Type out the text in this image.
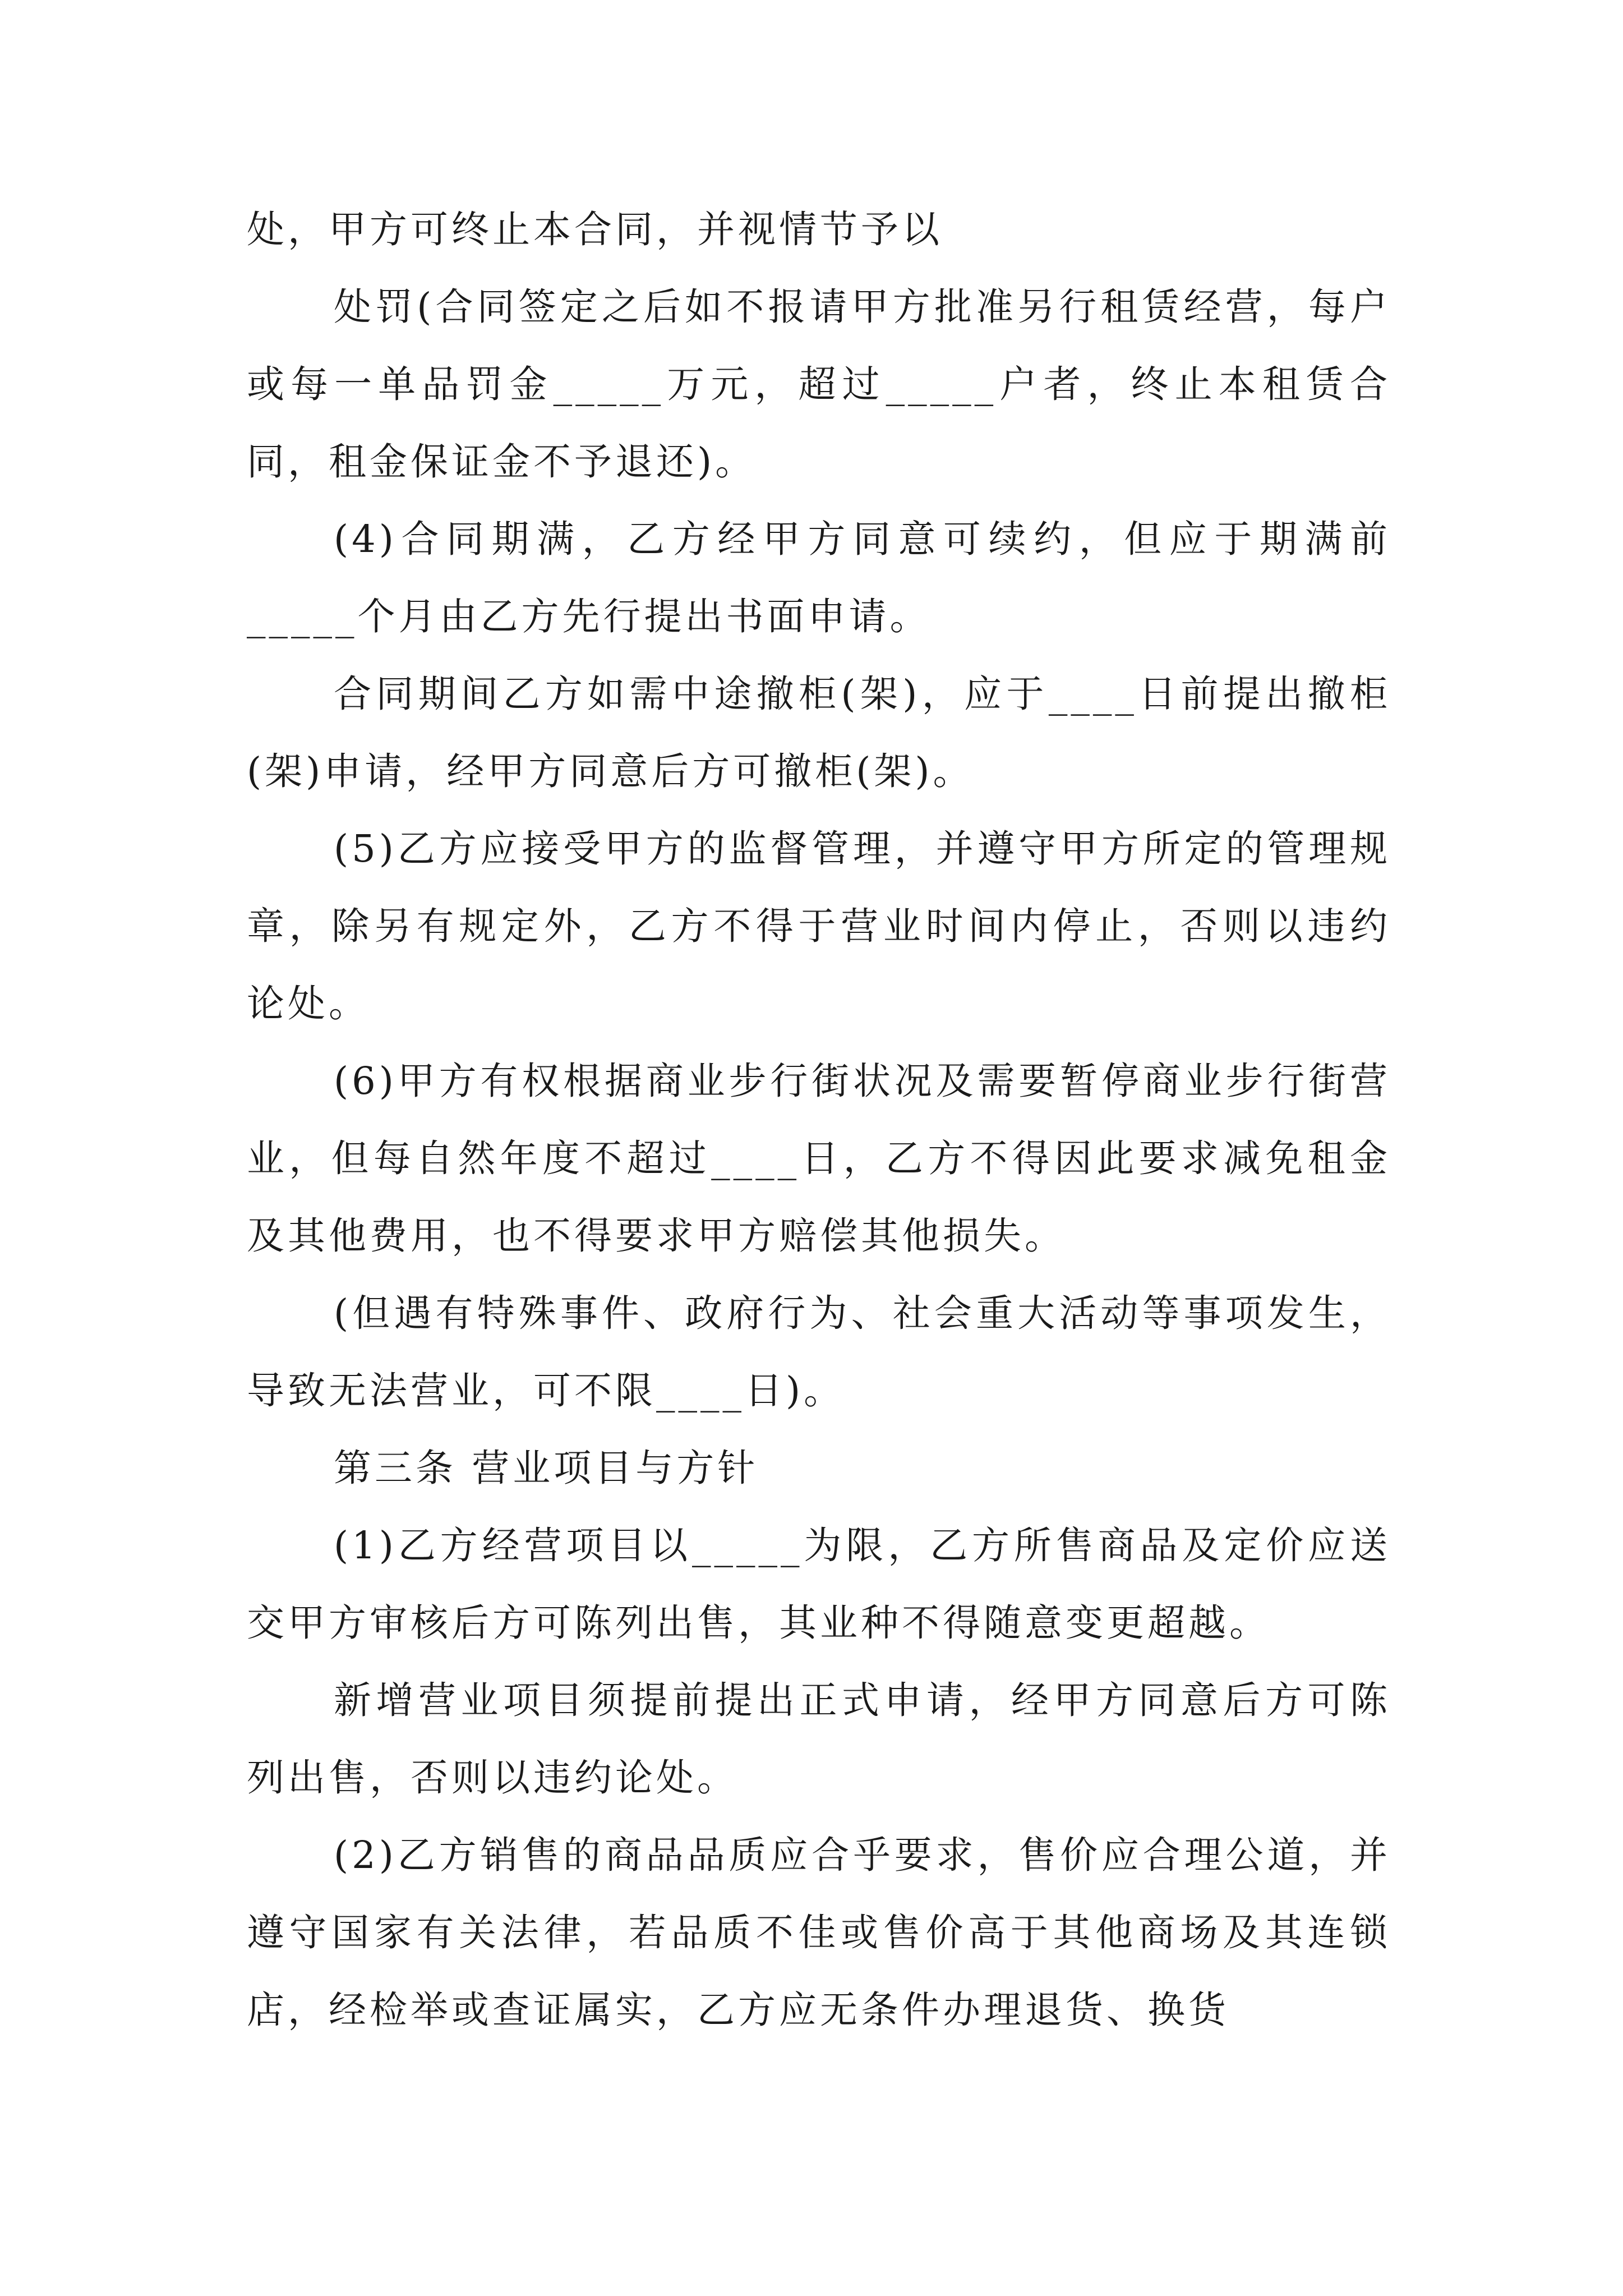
处，甲方可终止本合同，并视情节予以

处罚(合同签定之后如不报请甲方批准另行租赁经营，每户或每一单品罚金_____万元，超过_____户者，终止本租赁合同，租金保证金不予退还)。

(4)合同期满，乙方经甲方同意可续约，但应于期满前_____个月由乙方先行提出书面申请。

合同期间乙方如需中途撤柜(架)，应于____日前提出撤柜(架)申请，经甲方同意后方可撤柜(架)。

(5)乙方应接受甲方的监督管理，并遵守甲方所定的管理规章，除另有规定外，乙方不得于营业时间内停止，否则以违约论处。

(6)甲方有权根据商业步行街状况及需要暂停商业步行街营业，但每自然年度不超过____日，乙方不得因此要求减免租金及其他费用，也不得要求甲方赔偿其他损失。

(但遇有特殊事件、政府行为、社会重大活动等事项发生，导致无法营业，可不限____日)。

第三条 营业项目与方针

(1)乙方经营项目以_____为限，乙方所售商品及定价应送交甲方审核后方可陈列出售，其业种不得随意变更超越。

新增营业项目须提前提出正式申请，经甲方同意后方可陈列出售，否则以违约论处。

(2)乙方销售的商品品质应合乎要求，售价应合理公道，并遵守国家有关法律，若品质不佳或售价高于其他商场及其连锁店，经检举或查证属实，乙方应无条件办理退货、换货
